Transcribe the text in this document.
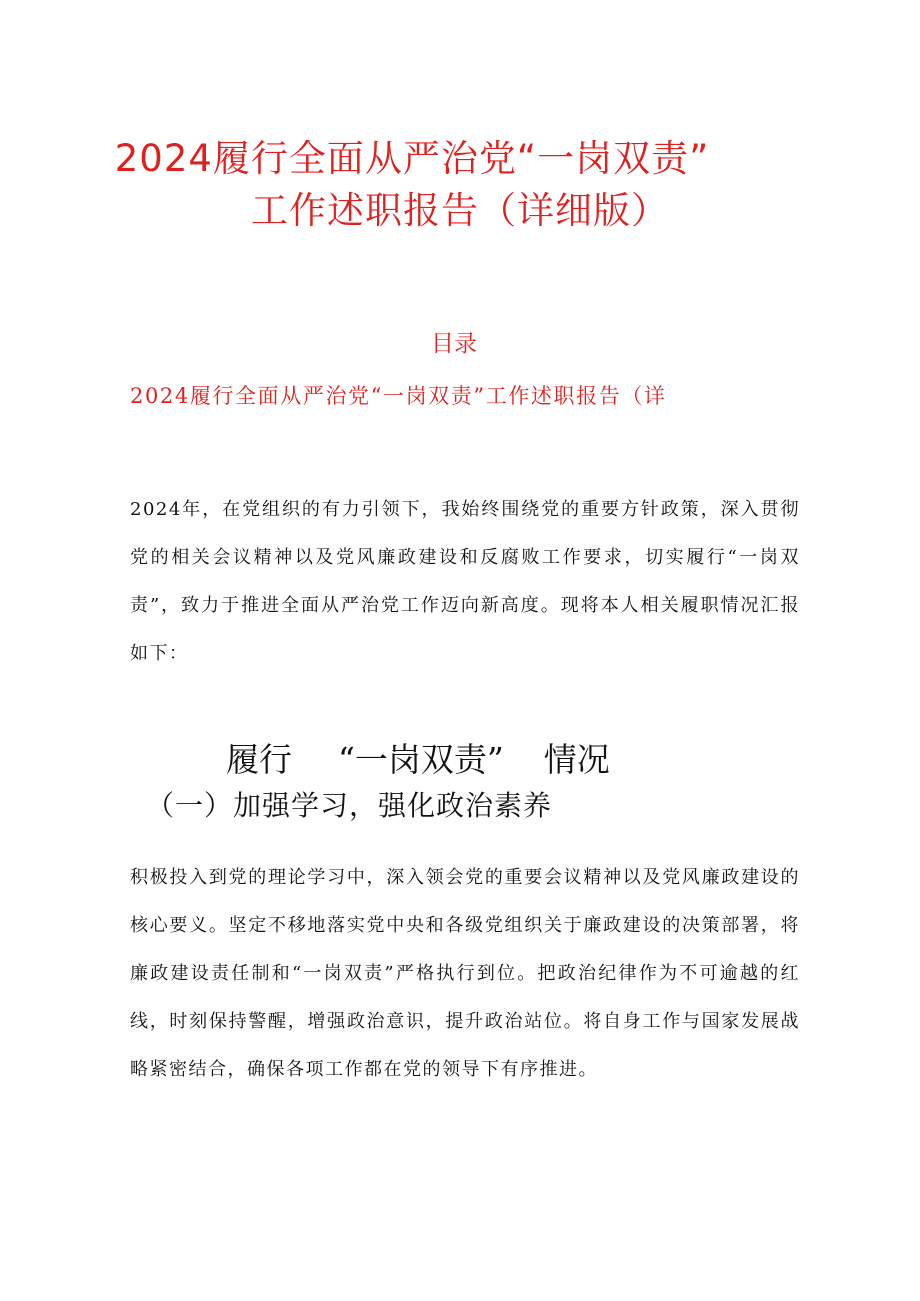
2024履行全面从严治党“一岗双责”
工作述职报告（详细版）
目录
2024履行全面从严治党“一岗双责”工作述职报告（详
2024年，在党组织的有力引领下，我始终围绕党的重要方针政策，深入贯彻党的相关会议精神以及党风廉政建设和反腐败工作要求，切实履行“一岗双责”，致力于推进全面从严治党工作迈向新高度。现将本人相关履职情况汇报如下：
履行 “一岗双责” 情况
（一）加强学习，强化政治素养
积极投入到党的理论学习中，深入领会党的重要会议精神以及党风廉政建设的核心要义。坚定不移地落实党中央和各级党组织关于廉政建设的决策部署，将廉政建设责任制和“一岗双责”严格执行到位。把政治纪律作为不可逾越的红线，时刻保持警醒，增强政治意识，提升政治站位。将自身工作与国家发展战略紧密结合，确保各项工作都在党的领导下有序推进。
